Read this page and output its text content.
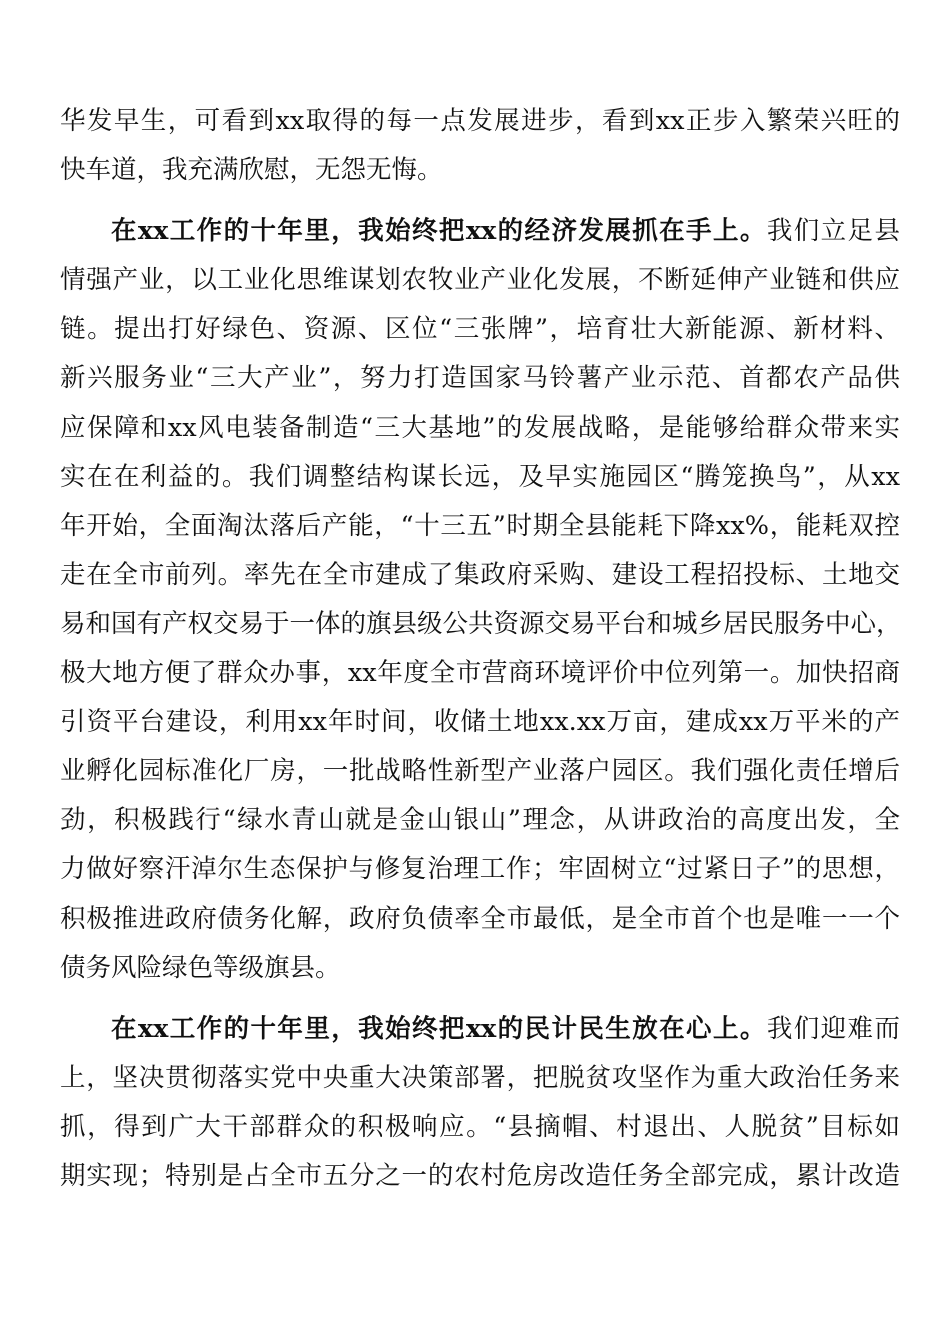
华发早生，可看到xx取得的每一点发展进步，看到xx正步入繁荣兴旺的
快车道，我充满欣慰，无怨无悔。
在xx工作的十年里，我始终把xx的经济发展抓在手上。我们立足县
情强产业，以工业化思维谋划农牧业产业化发展，不断延伸产业链和供应
链。提出打好绿色、资源、区位“三张牌”，培育壮大新能源、新材料、
新兴服务业“三大产业”，努力打造国家马铃薯产业示范、首都农产品供
应保障和xx风电装备制造“三大基地”的发展战略，是能够给群众带来实
实在在利益的。我们调整结构谋长远，及早实施园区“腾笼换鸟”，从xx
年开始，全面淘汰落后产能，“十三五”时期全县能耗下降xx%，能耗双控
走在全市前列。率先在全市建成了集政府采购、建设工程招投标、土地交
易和国有产权交易于一体的旗县级公共资源交易平台和城乡居民服务中心，
极大地方便了群众办事，xx年度全市营商环境评价中位列第一。加快招商
引资平台建设，利用xx年时间，收储土地xx.xx万亩，建成xx万平米的产
业孵化园标准化厂房，一批战略性新型产业落户园区。我们强化责任增后
劲，积极践行“绿水青山就是金山银山”理念，从讲政治的高度出发，全
力做好察汗淖尔生态保护与修复治理工作；牢固树立“过紧日子”的思想，
积极推进政府债务化解，政府负债率全市最低，是全市首个也是唯一一个
债务风险绿色等级旗县。
在xx工作的十年里，我始终把xx的民计民生放在心上。我们迎难而
上，坚决贯彻落实党中央重大决策部署，把脱贫攻坚作为重大政治任务来
抓，得到广大干部群众的积极响应。“县摘帽、村退出、人脱贫”目标如
期实现；特别是占全市五分之一的农村危房改造任务全部完成，累计改造
